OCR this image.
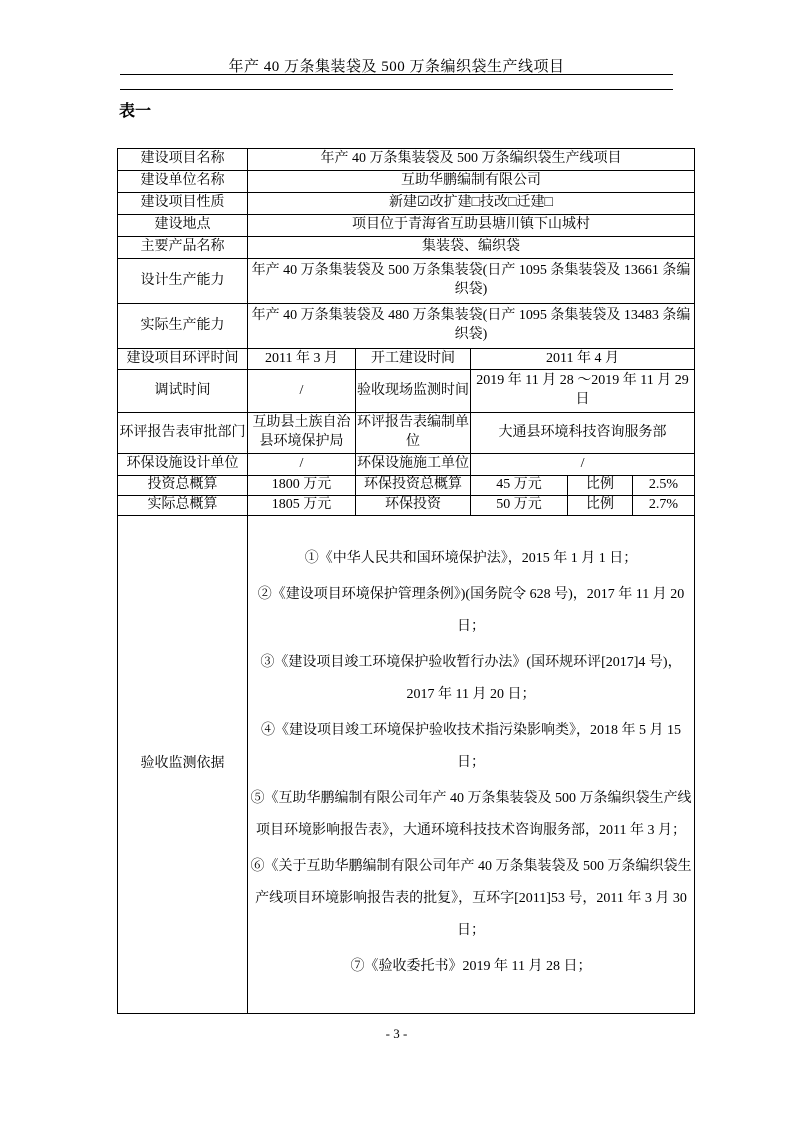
年产 40 万条集装袋及 500 万条编织袋生产线项目
表一
建设项目名称	年产 40 万条集装袋及 500 万条编织袋生产线项目				
建设单位名称	互助华鹏编制有限公司				
建设项目性质	新建☑改扩建□技改□迁建□				
建设地点	项目位于青海省互助县塘川镇下山城村				
主要产品名称	集装袋、编织袋				
设计生产能力	年产 40 万条集装袋及 500 万条集装袋(日产 1095 条集装袋及 13661 条编织袋)				
实际生产能力	年产 40 万条集装袋及 480 万条集装袋(日产 1095 条集装袋及 13483 条编织袋)				
建设项目环评时间	2011 年 3 月	开工建设时间	2011 年 4 月		
调试时间	/	验收现场监测时间	2019 年 11 月 28 ～2019 年 11 月 29 日		
环评报告表审批部门	互助县土族自治县环境保护局	环评报告表编制单位	大通县环境科技咨询服务部		
环保设施设计单位	/	环保设施施工单位	/		
投资总概算	1800 万元	环保投资总概算	45 万元	比例	2.5%
实际总概算	1805 万元	环保投资	50 万元	比例	2.7%
验收监测依据	

①《中华人民共和国环境保护法》，2015 年 1 月 1 日；

②《建设项目环境保护管理条例》)(国务院令 628 号)，2017 年 11 月 20 日；

③《建设项目竣工环境保护验收暂行办法》(国环规环评[2017]4 号)，2017 年 11 月 20 日；

④《建设项目竣工环境保护验收技术指污染影响类》，2018 年 5 月 15 日；

⑤《互助华鹏编制有限公司年产 40 万条集装袋及 500 万条编织袋生产线项目环境影响报告表》，大通环境科技技术咨询服务部，2011 年 3 月；

⑥《关于互助华鹏编制有限公司年产 40 万条集装袋及 500 万条编织袋生产线项目环境影响报告表的批复》，互环字[2011]53 号，2011 年 3 月 30 日；

⑦《验收委托书》2019 年 11 月 28 日；

- 3 -
